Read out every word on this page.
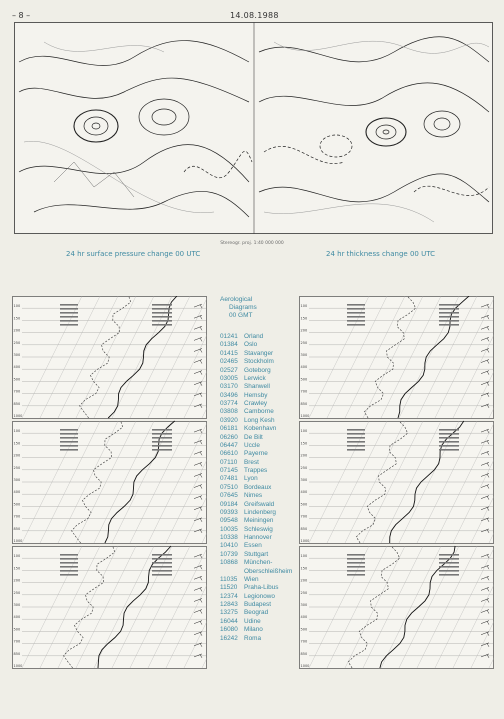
– 8 –	14.08.1988
Stereogr. proj. 1:40 000 000
24 hr surface pressure change 00 UTC	24 hr thickness change 00 UTC
1000
850
700
500
400
300
250
200
150
100
1000
850
700
500
400
300
250
200
150
100
1000
850
700
500
400
300
250
200
150
100
1000
850
700
500
400
300
250
200
150
100
1000
850
700
500
400
300
250
200
150
100
1000
850
700
500
400
300
250
200
150
100
Aerological
Diagrams
00 GMT
01241 Orland
01384 Oslo
01415 Stavanger
02465 Stockholm
02527 Goteborg
03005 Lerwick
03170 Shanwell
03496 Hemsby
03774 Crawley
03808 Camborne
03920 Long Kesh
06181 Kobenhavn
06260 De Bilt
06447 Uccle
06610 Payerne
07110	Brest
07145 Trappes
07481 Lyon
07510 Bordeaux
07645 Nimes
09184 Greifswald
09393 Lindenberg
09548 Meiningen
10035 Schleswig
10338 Hannover
10410 Essen
10739 Stuttgart
10868 München-
Oberschleißheim
11035	Wien
11520	Praha-Libus
12374 Legionowo
12843 Budapest
13275 Beograd
16044 Udine
16080 Milano
16242 Roma
